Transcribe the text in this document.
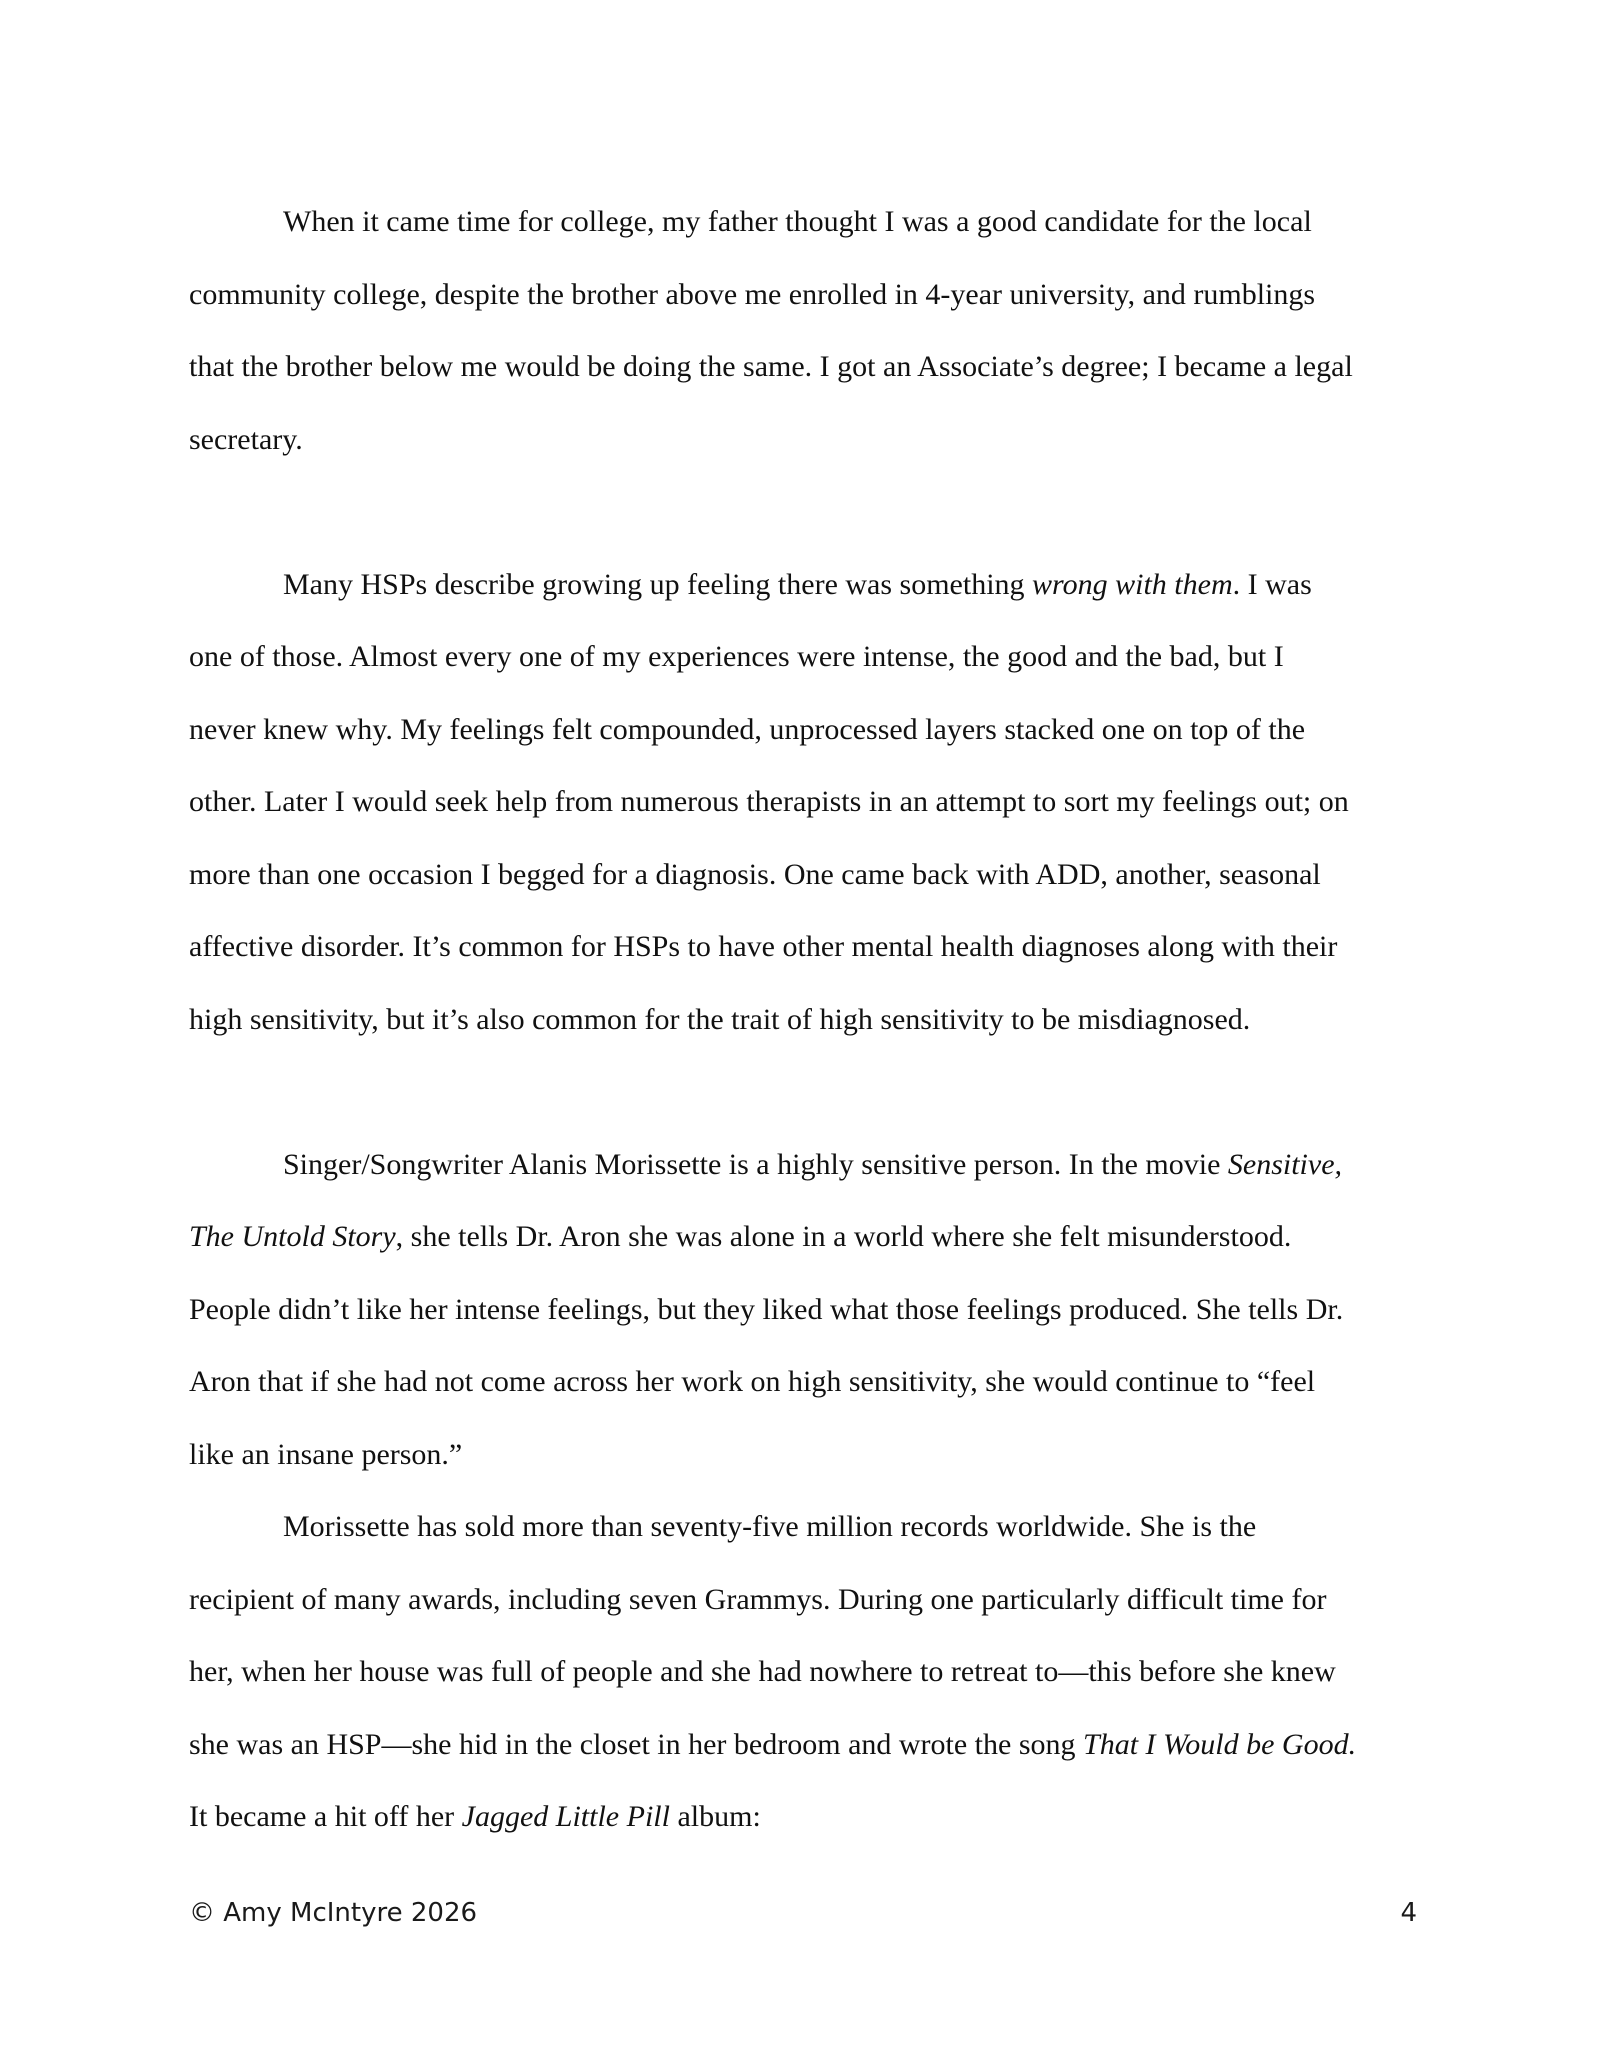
When it came time for college, my father thought I was a good candidate for the local
community college, despite the brother above me enrolled in 4-year university, and rumblings
that the brother below me would be doing the same. I got an Associate’s degree; I became a legal
secretary.

Many HSPs describe growing up feeling there was something wrong with them. I was
one of those. Almost every one of my experiences were intense, the good and the bad, but I
never knew why. My feelings felt compounded, unprocessed layers stacked one on top of the
other. Later I would seek help from numerous therapists in an attempt to sort my feelings out; on
more than one occasion I begged for a diagnosis. One came back with ADD, another, seasonal
affective disorder. It’s common for HSPs to have other mental health diagnoses along with their
high sensitivity, but it’s also common for the trait of high sensitivity to be misdiagnosed.

Singer/Songwriter Alanis Morissette is a highly sensitive person. In the movie Sensitive,
The Untold Story, she tells Dr. Aron she was alone in a world where she felt misunderstood.
People didn’t like her intense feelings, but they liked what those feelings produced. She tells Dr.
Aron that if she had not come across her work on high sensitivity, she would continue to “feel
like an insane person.”

Morissette has sold more than seventy-five million records worldwide. She is the
recipient of many awards, including seven Grammys. During one particularly difficult time for
her, when her house was full of people and she had nowhere to retreat to—this before she knew
she was an HSP—she hid in the closet in her bedroom and wrote the song That I Would be Good.
It became a hit off her Jagged Little Pill album:

© Amy McIntyre 2026	4
